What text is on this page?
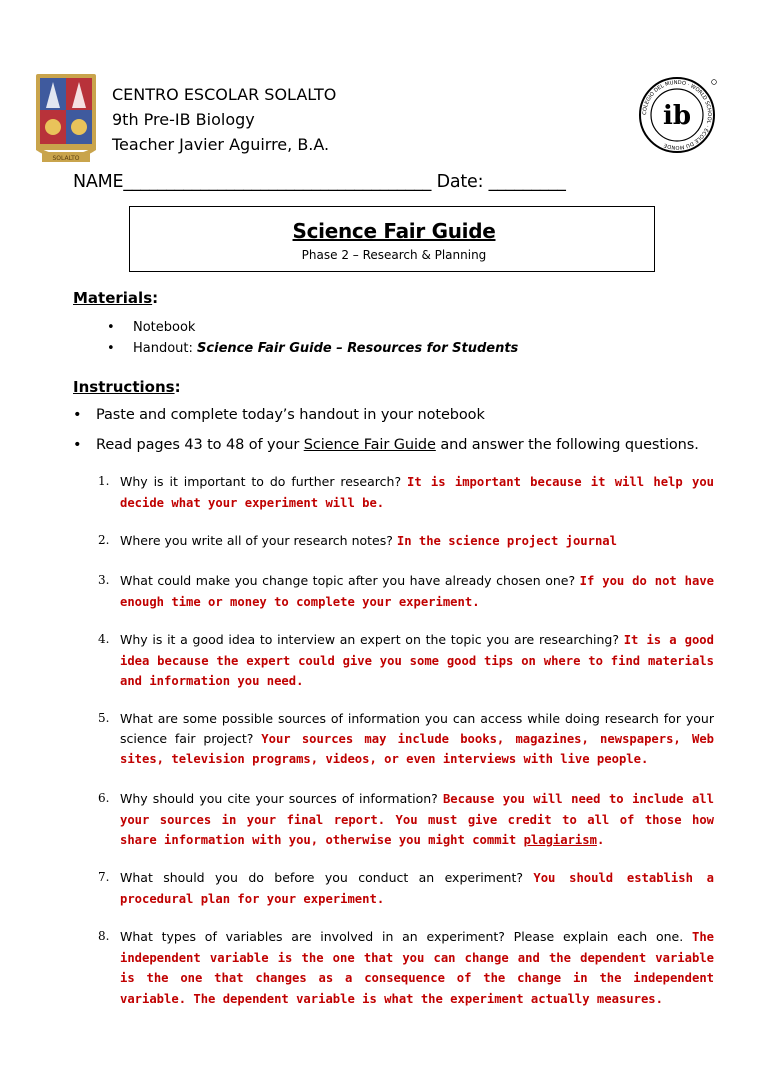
SOLALTO
COLEGIO DEL MUNDO · WORLD SCHOOL · ÉCOLE DU MONDE
ib
CENTRO ESCOLAR SOLALTO
9th Pre-IB Biology
Teacher Javier Aguirre, B.A.
NAME____________________________________ Date: _________
Science Fair Guide
Phase 2 – Research & Planning
Materials:
• Notebook
• Handout: Science Fair Guide – Resources for Students
Instructions:
• Paste and complete today’s handout in your notebook
• Read pages 43 to 48 of your Science Fair Guide and answer the following questions.
1. Why is it important to do further research? It is important because it will help you decide what your experiment will be.
2. Where you write all of your research notes? In the science project journal
3. What could make you change topic after you have already chosen one? If you do not have enough time or money to complete your experiment.
4. Why is it a good idea to interview an expert on the topic you are researching? It is a good idea because the expert could give you some good tips on where to find materials and information you need.
5. What are some possible sources of information you can access while doing research for your science fair project? Your sources may include books, magazines, newspapers, Web sites, television programs, videos, or even interviews with live people.
6. Why should you cite your sources of information? Because you will need to include all your sources in your final report. You must give credit to all of those how share information with you, otherwise you might commit plagiarism.
7. What should you do before you conduct an experiment? You should establish a procedural plan for your experiment.
8. What types of variables are involved in an experiment? Please explain each one. The independent variable is the one that you can change and the dependent variable is the one that changes as a consequence of the change in the independent variable. The dependent variable is what the experiment actually measures.
